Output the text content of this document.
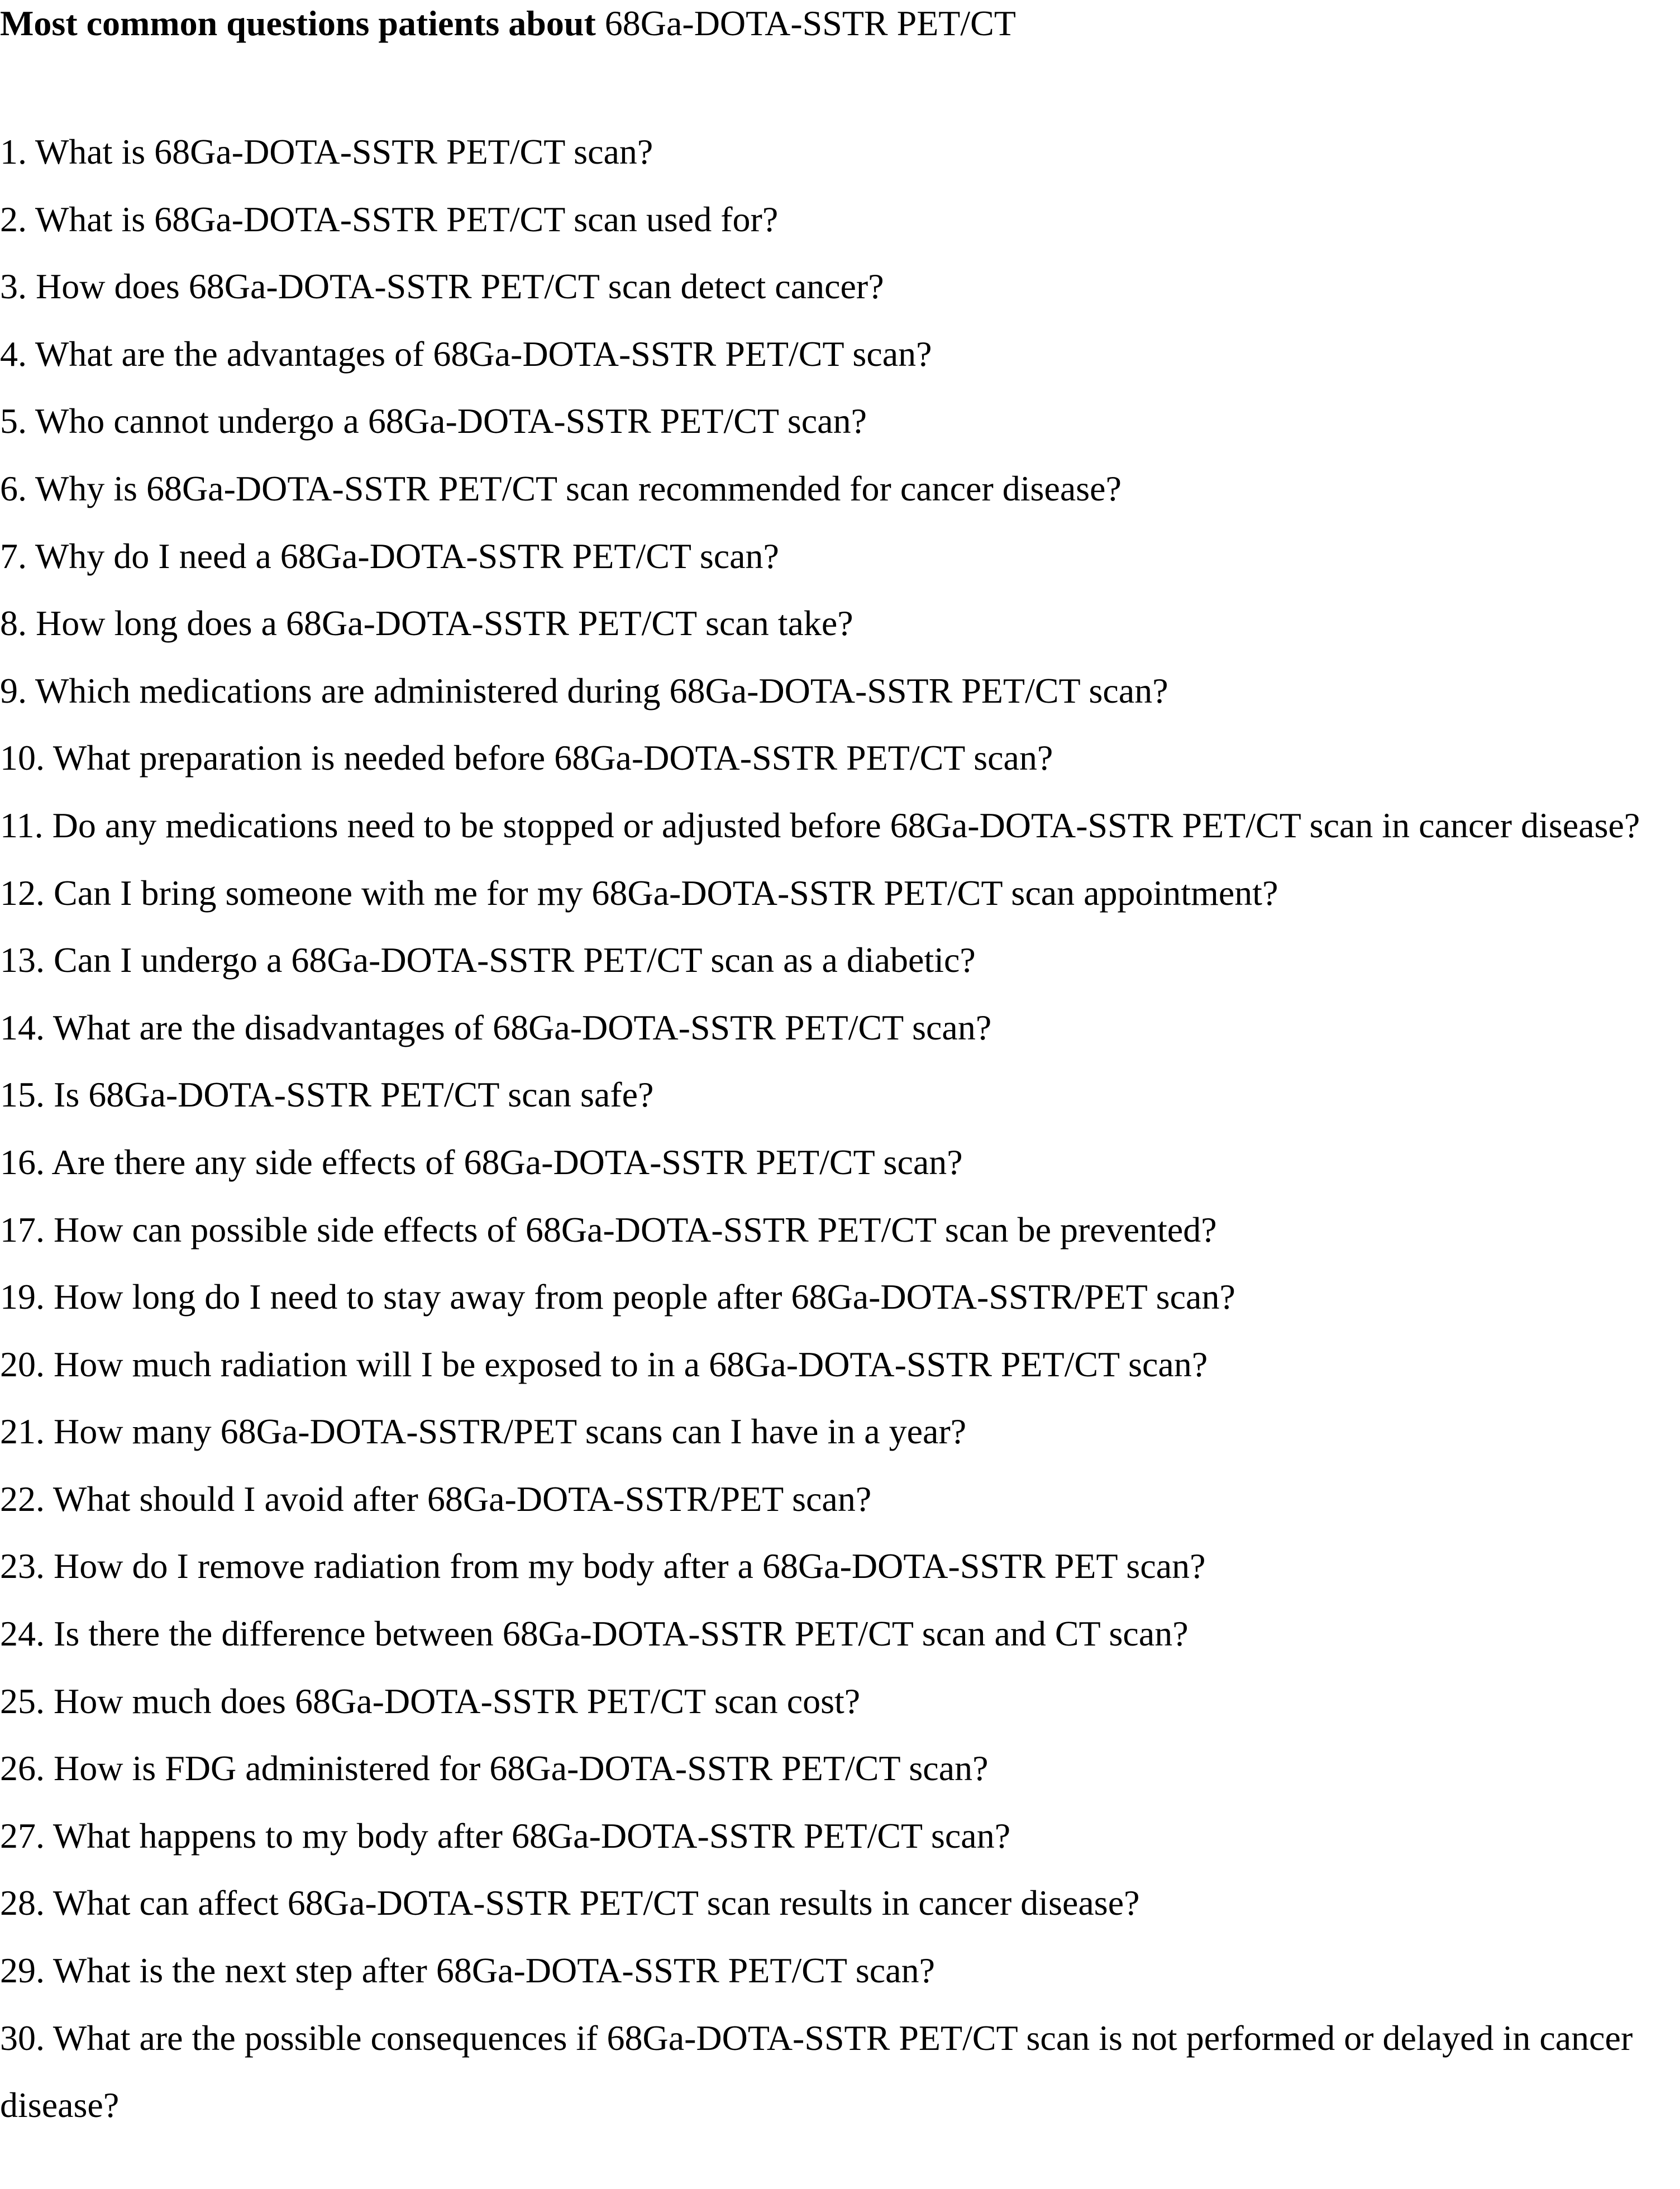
Most common questions patients about 68Ga-DOTA-SSTR PET/CT
1. What is 68Ga-DOTA-SSTR PET/CT scan?
2. What is 68Ga-DOTA-SSTR PET/CT scan used for?
3. How does 68Ga-DOTA-SSTR PET/CT scan detect cancer?
4. What are the advantages of 68Ga-DOTA-SSTR PET/CT scan?
5. Who cannot undergo a 68Ga-DOTA-SSTR PET/CT scan?
6. Why is 68Ga-DOTA-SSTR PET/CT scan recommended for cancer disease?
7. Why do I need a 68Ga-DOTA-SSTR PET/CT scan?
8. How long does a 68Ga-DOTA-SSTR PET/CT scan take?
9. Which medications are administered during 68Ga-DOTA-SSTR PET/CT scan?
10. What preparation is needed before 68Ga-DOTA-SSTR PET/CT scan?
11. Do any medications need to be stopped or adjusted before 68Ga-DOTA-SSTR PET/CT scan in cancer disease?
12. Can I bring someone with me for my 68Ga-DOTA-SSTR PET/CT scan appointment?
13. Can I undergo a 68Ga-DOTA-SSTR PET/CT scan as a diabetic?
14. What are the disadvantages of 68Ga-DOTA-SSTR PET/CT scan?
15. Is 68Ga-DOTA-SSTR PET/CT scan safe?
16. Are there any side effects of 68Ga-DOTA-SSTR PET/CT scan?
17. How can possible side effects of 68Ga-DOTA-SSTR PET/CT scan be prevented?
19. How long do I need to stay away from people after 68Ga-DOTA-SSTR/PET scan?
20. How much radiation will I be exposed to in a 68Ga-DOTA-SSTR PET/CT scan?
21. How many 68Ga-DOTA-SSTR/PET scans can I have in a year?
22. What should I avoid after 68Ga-DOTA-SSTR/PET scan?
23. How do I remove radiation from my body after a 68Ga-DOTA-SSTR PET scan?
24. Is there the difference between 68Ga-DOTA-SSTR PET/CT scan and CT scan?
25. How much does 68Ga-DOTA-SSTR PET/CT scan cost?
26. How is FDG administered for 68Ga-DOTA-SSTR PET/CT scan?
27. What happens to my body after 68Ga-DOTA-SSTR PET/CT scan?
28. What can affect 68Ga-DOTA-SSTR PET/CT scan results in cancer disease?
29. What is the next step after 68Ga-DOTA-SSTR PET/CT scan?
30. What are the possible consequences if 68Ga-DOTA-SSTR PET/CT scan is not performed or delayed in cancer disease?
